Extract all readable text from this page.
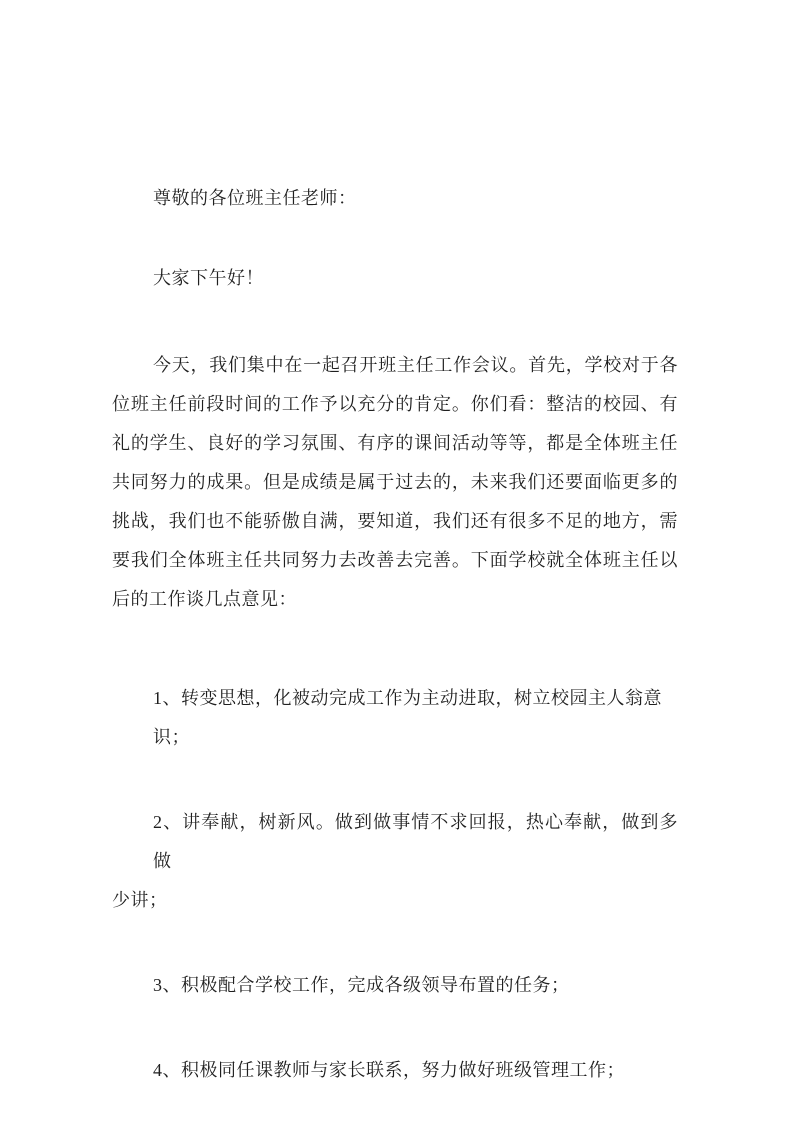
尊敬的各位班主任老师：
大家下午好！
今天，我们集中在一起召开班主任工作会议。首先，学校对于各
位班主任前段时间的工作予以充分的肯定。你们看：整洁的校园、有
礼的学生、良好的学习氛围、有序的课间活动等等，都是全体班主任
共同努力的成果。但是成绩是属于过去的，未来我们还要面临更多的
挑战，我们也不能骄傲自满，要知道，我们还有很多不足的地方，需
要我们全体班主任共同努力去改善去完善。下面学校就全体班主任以
后的工作谈几点意见：
1、转变思想，化被动完成工作为主动进取，树立校园主人翁意识；
2、讲奉献，树新风。做到做事情不求回报，热心奉献，做到多做
少讲；
3、积极配合学校工作，完成各级领导布置的任务；
4、积极同任课教师与家长联系，努力做好班级管理工作；
